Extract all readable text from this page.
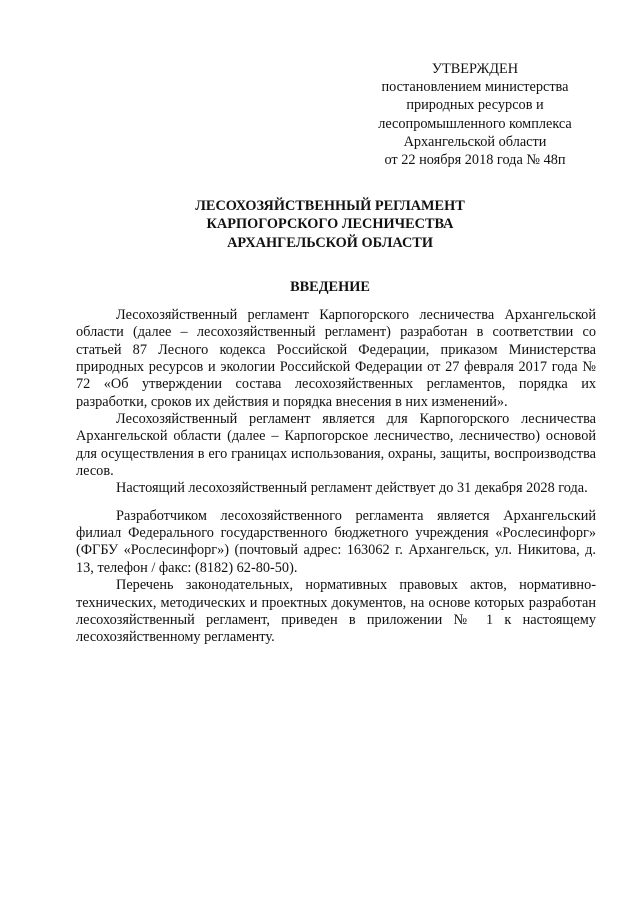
УТВЕРЖДЕН
постановлением министерства
природных ресурсов и
лесопромышленного комплекса
Архангельской области
от 22 ноября 2018 года № 48п
ЛЕСОХОЗЯЙСТВЕННЫЙ РЕГЛАМЕНТ
КАРПОГОРСКОГО ЛЕСНИЧЕСТВА
АРХАНГЕЛЬСКОЙ ОБЛАСТИ
ВВЕДЕНИЕ

Лесохозяйственный регламент Карпогорского лесничества Архангельской области (далее – лесохозяйственный регламент) разработан в соответствии со статьей 87 Лесного кодекса Российской Федерации, приказом Министерства природных ресурсов и экологии Российской Федерации от 27 февраля 2017 года № 72 «Об утверждении состава лесохозяйственных регламентов, порядка их разработки, сроков их действия и порядка внесения в них изменений».

Лесохозяйственный регламент является для Карпогорского лесничества Архангельской области (далее – Карпогорское лесничество, лесничество) основой для осуществления в его границах использования, охраны, защиты, воспроизводства лесов.

Настоящий лесохозяйственный регламент действует до 31 декабря 2028 года.

Разработчиком лесохозяйственного регламента является Архангельский филиал Федерального государственного бюджетного учреждения «Рослесинфорг» (ФГБУ «Рослесинфорг») (почтовый адрес: 163062 г. Архангельск, ул. Никитова, д. 13, телефон / факс: (8182) 62-80-50).

Перечень законодательных, нормативных правовых актов, нормативно-технических, методических и проектных документов, на основе которых разработан лесохозяйственный регламент, приведен в приложении № 1 к настоящему лесохозяйственному регламенту.
